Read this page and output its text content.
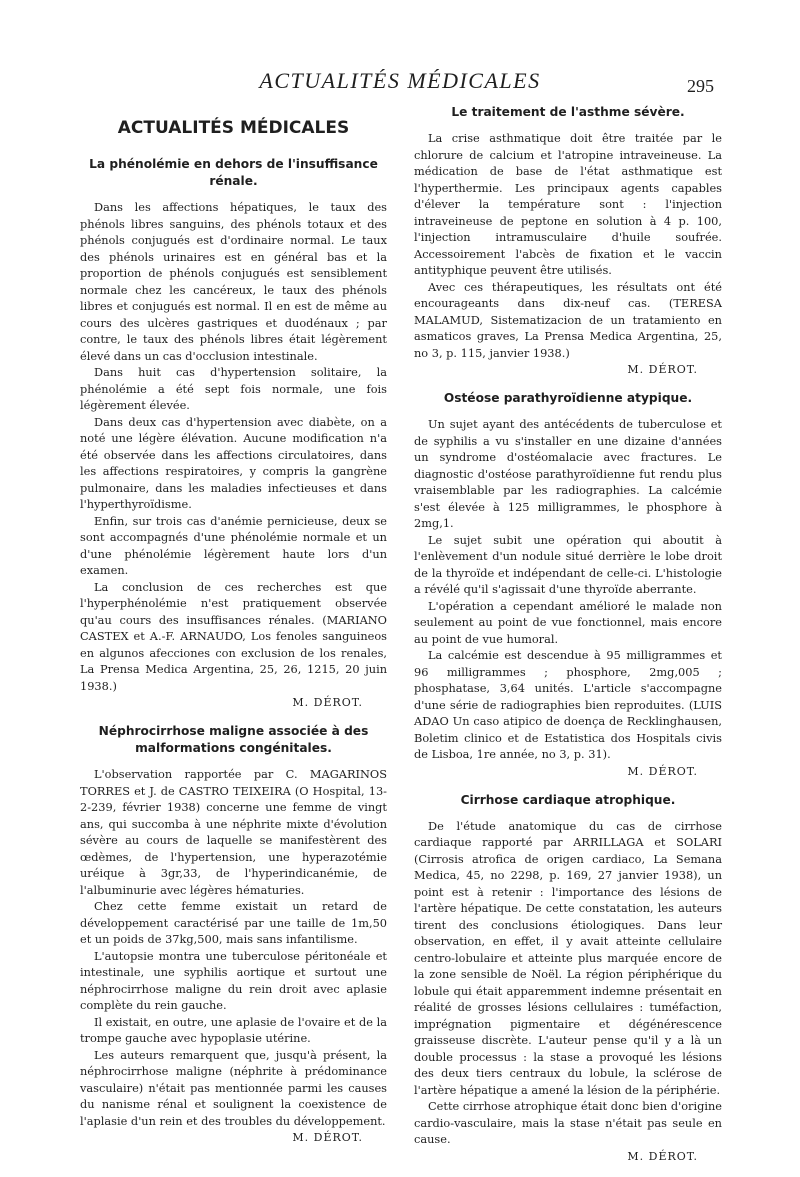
ACTUALITÉS MÉDICALES	295
ACTUALITÉS MÉDICALES
La phénolémie en dehors de l'insuffisance rénale.

Dans les affections hépatiques, le taux des phénols libres sanguins, des phénols totaux et des phénols conjugués est d'ordinaire normal. Le taux des phénols urinaires est en général bas et la proportion de phénols conjugués est sensiblement normale chez les cancéreux, le taux des phénols libres et conjugués est normal. Il en est de même au cours des ulcères gastriques et duodénaux ; par contre, le taux des phénols libres était légèrement élevé dans un cas d'occlusion intestinale.

Dans huit cas d'hypertension solitaire, la phénolémie a été sept fois normale, une fois légèrement élevée.

Dans deux cas d'hypertension avec diabète, on a noté une légère élévation. Aucune modification n'a été observée dans les affections circulatoires, dans les affections respiratoires, y compris la gangrène pulmonaire, dans les maladies infectieuses et dans l'hyperthyroïdisme.

Enfin, sur trois cas d'anémie pernicieuse, deux se sont accompagnés d'une phénolémie normale et un d'une phénolémie légèrement haute lors d'un examen.

La conclusion de ces recherches est que l'hyperphénolémie n'est pratiquement observée qu'au cours des insuffisances rénales. (MARIANO CASTEX et A.-F. ARNAUDO, Los fenoles sanguineos en algunos afecciones con exclusion de los renales, La Prensa Medica Argentina, 25, 26, 1215, 20 juin 1938.)

M. DÉROT.
Néphrocirrhose maligne associée à des malformations congénitales.

L'observation rapportée par C. MAGARINOS TORRES et J. de CASTRO TEIXEIRA (O Hospital, 13-2-239, février 1938) concerne une femme de vingt ans, qui succomba à une néphrite mixte d'évolution sévère au cours de laquelle se manifestèrent des œdèmes, de l'hypertension, une hyperazotémie uréique à 3gr,33, de l'hyperindicanémie, de l'albuminurie avec légères hématuries.

Chez cette femme existait un retard de développement caractérisé par une taille de 1m,50 et un poids de 37kg,500, mais sans infantilisme.

L'autopsie montra une tuberculose péritonéale et intestinale, une syphilis aortique et surtout une néphrocirrhose maligne du rein droit avec aplasie complète du rein gauche.

Il existait, en outre, une aplasie de l'ovaire et de la trompe gauche avec hypoplasie utérine.

Les auteurs remarquent que, jusqu'à présent, la néphrocirrhose maligne (néphrite à prédominance vasculaire) n'était pas mentionnée parmi les causes du nanisme rénal et soulignent la coexistence de l'aplasie d'un rein et des troubles du développement.

M. DÉROT.
Le traitement de l'asthme sévère.

La crise asthmatique doit être traitée par le chlorure de calcium et l'atropine intraveineuse. La médication de base de l'état asthmatique est l'hyperthermie. Les principaux agents capables d'élever la température sont : l'injection intraveineuse de peptone en solution à 4 p. 100, l'injection intramusculaire d'huile soufrée. Accessoirement l'abcès de fixation et le vaccin antityphique peuvent être utilisés.

Avec ces thérapeutiques, les résultats ont été encourageants dans dix-neuf cas. (TERESA MALAMUD, Sistematizacion de un tratamiento en asmaticos graves, La Prensa Medica Argentina, 25, no 3, p. 115, janvier 1938.)

M. DÉROT.
Ostéose parathyroïdienne atypique.

Un sujet ayant des antécédents de tuberculose et de syphilis a vu s'installer en une dizaine d'années un syndrome d'ostéomalacie avec fractures. Le diagnostic d'ostéose parathyroïdienne fut rendu plus vraisemblable par les radiographies. La calcémie s'est élevée à 125 milligrammes, le phosphore à 2mg,1.

Le sujet subit une opération qui aboutit à l'enlèvement d'un nodule situé derrière le lobe droit de la thyroïde et indépendant de celle-ci. L'histologie a révélé qu'il s'agissait d'une thyroïde aberrante.

L'opération a cependant amélioré le malade non seulement au point de vue fonctionnel, mais encore au point de vue humoral.

La calcémie est descendue à 95 milligrammes et 96 milligrammes ; phosphore, 2mg,005 ; phosphatase, 3,64 unités. L'article s'accompagne d'une série de radiographies bien reproduites. (LUIS ADAO Un caso atipico de doença de Recklinghausen, Boletim clinico et de Estatistica dos Hospitals civis de Lisboa, 1re année, no 3, p. 31).

M. DÉROT.
Cirrhose cardiaque atrophique.

De l'étude anatomique du cas de cirrhose cardiaque rapporté par ARRILLAGA et SOLARI (Cirrosis atrofica de origen cardiaco, La Semana Medica, 45, no 2298, p. 169, 27 janvier 1938), un point est à retenir : l'importance des lésions de l'artère hépatique. De cette constatation, les auteurs tirent des conclusions étiologiques. Dans leur observation, en effet, il y avait atteinte cellulaire centro-lobulaire et atteinte plus marquée encore de la zone sensible de Noël. La région périphérique du lobule qui était apparemment indemne présentait en réalité de grosses lésions cellulaires : tuméfaction, imprégnation pigmentaire et dégénérescence graisseuse discrète. L'auteur pense qu'il y a là un double processus : la stase a provoqué les lésions des deux tiers centraux du lobule, la sclérose de l'artère hépatique a amené la lésion de la périphérie.

Cette cirrhose atrophique était donc bien d'origine cardio-vasculaire, mais la stase n'était pas seule en cause.

M. DÉROT.
